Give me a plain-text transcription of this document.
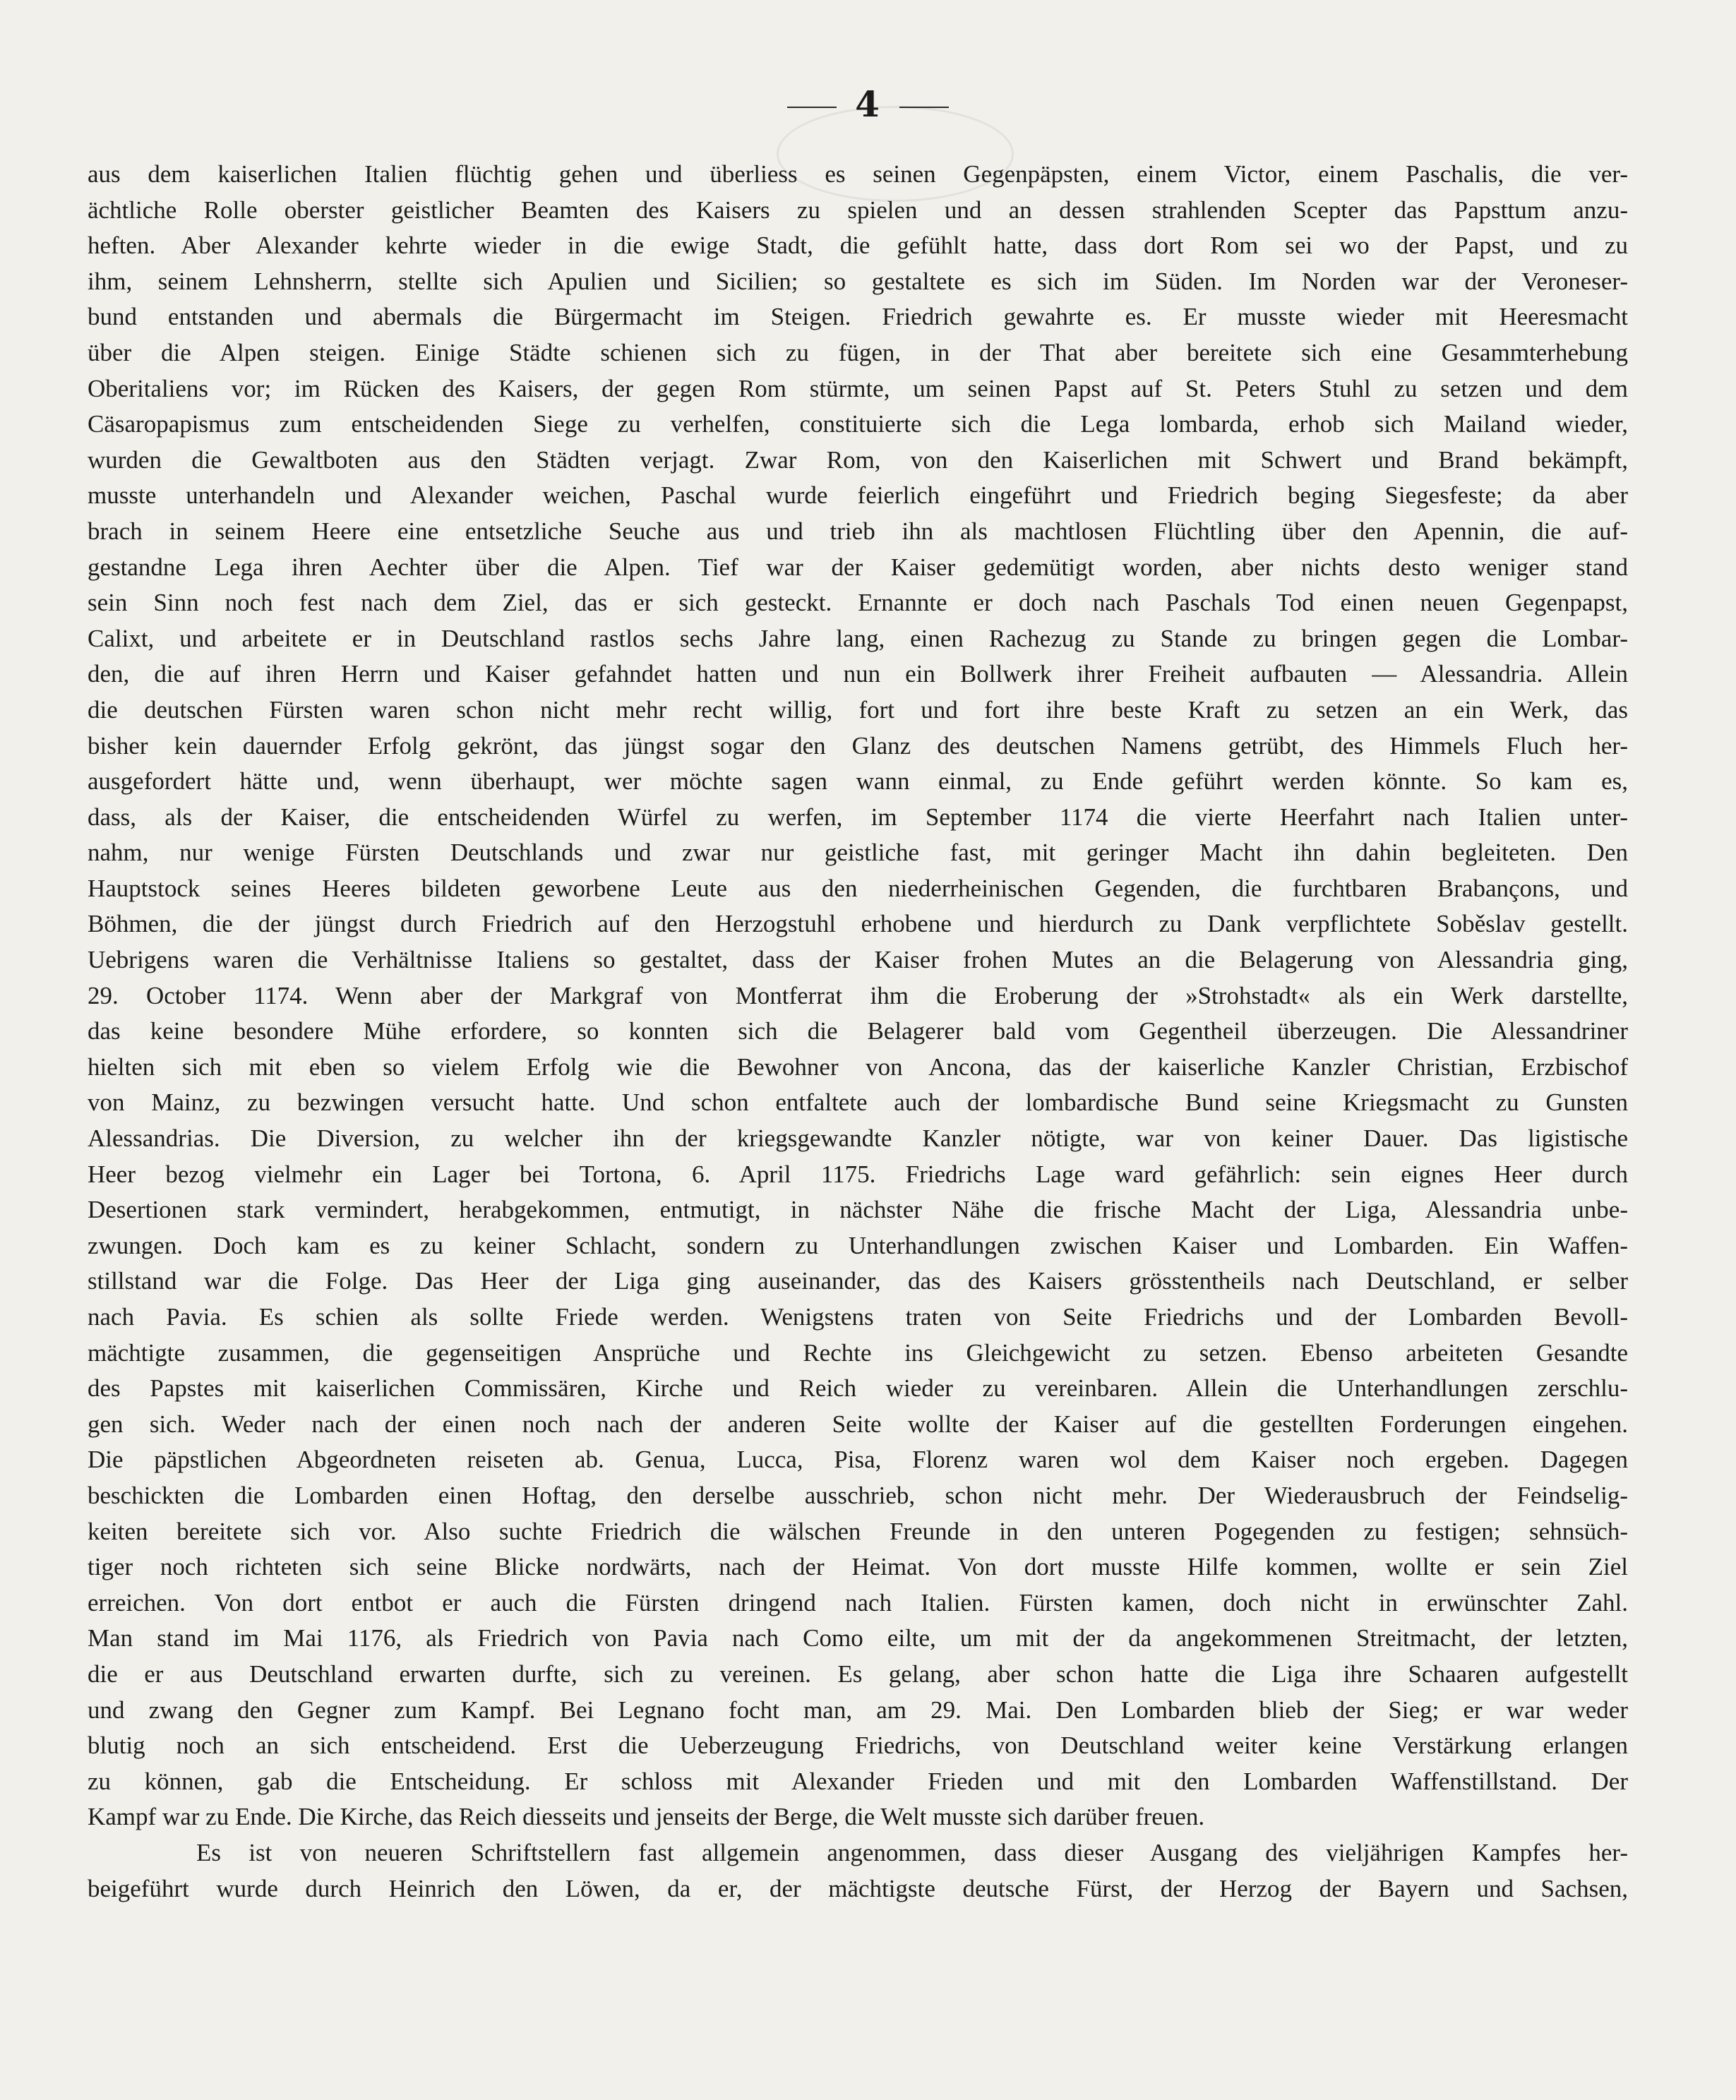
4
aus dem kaiserlichen Italien flüchtig gehen und überliess es seinen Gegenpäpsten, einem Victor, einem Paschalis, die ver-
ächtliche Rolle oberster geistlicher Beamten des Kaisers zu spielen und an dessen strahlenden Scepter das Papsttum anzu-
heften. Aber Alexander kehrte wieder in die ewige Stadt, die gefühlt hatte, dass dort Rom sei wo der Papst, und zu
ihm, seinem Lehnsherrn, stellte sich Apulien und Sicilien; so gestaltete es sich im Süden. Im Norden war der Veroneser-
bund entstanden und abermals die Bürgermacht im Steigen. Friedrich gewahrte es. Er musste wieder mit Heeresmacht
über die Alpen steigen. Einige Städte schienen sich zu fügen, in der That aber bereitete sich eine Gesammterhebung
Oberitaliens vor; im Rücken des Kaisers, der gegen Rom stürmte, um seinen Papst auf St. Peters Stuhl zu setzen und dem
Cäsaropapismus zum entscheidenden Siege zu verhelfen, constituierte sich die Lega lombarda, erhob sich Mailand wieder,
wurden die Gewaltboten aus den Städten verjagt. Zwar Rom, von den Kaiserlichen mit Schwert und Brand bekämpft,
musste unterhandeln und Alexander weichen, Paschal wurde feierlich eingeführt und Friedrich beging Siegesfeste; da aber
brach in seinem Heere eine entsetzliche Seuche aus und trieb ihn als machtlosen Flüchtling über den Apennin, die auf-
gestandne Lega ihren Aechter über die Alpen. Tief war der Kaiser gedemütigt worden, aber nichts desto weniger stand
sein Sinn noch fest nach dem Ziel, das er sich gesteckt. Ernannte er doch nach Paschals Tod einen neuen Gegenpapst,
Calixt, und arbeitete er in Deutschland rastlos sechs Jahre lang, einen Rachezug zu Stande zu bringen gegen die Lombar-
den, die auf ihren Herrn und Kaiser gefahndet hatten und nun ein Bollwerk ihrer Freiheit aufbauten — Alessandria. Allein
die deutschen Fürsten waren schon nicht mehr recht willig, fort und fort ihre beste Kraft zu setzen an ein Werk, das
bisher kein dauernder Erfolg gekrönt, das jüngst sogar den Glanz des deutschen Namens getrübt, des Himmels Fluch her-
ausgefordert hätte und, wenn überhaupt, wer möchte sagen wann einmal, zu Ende geführt werden könnte. So kam es,
dass, als der Kaiser, die entscheidenden Würfel zu werfen, im September 1174 die vierte Heerfahrt nach Italien unter-
nahm, nur wenige Fürsten Deutschlands und zwar nur geistliche fast, mit geringer Macht ihn dahin begleiteten. Den
Hauptstock seines Heeres bildeten geworbene Leute aus den niederrheinischen Gegenden, die furchtbaren Brabançons, und
Böhmen, die der jüngst durch Friedrich auf den Herzogstuhl erhobene und hierdurch zu Dank verpflichtete Soběslav gestellt.
Uebrigens waren die Verhältnisse Italiens so gestaltet, dass der Kaiser frohen Mutes an die Belagerung von Alessandria ging,
29. October 1174. Wenn aber der Markgraf von Montferrat ihm die Eroberung der »Strohstadt« als ein Werk darstellte,
das keine besondere Mühe erfordere, so konnten sich die Belagerer bald vom Gegentheil überzeugen. Die Alessandriner
hielten sich mit eben so vielem Erfolg wie die Bewohner von Ancona, das der kaiserliche Kanzler Christian, Erzbischof
von Mainz, zu bezwingen versucht hatte. Und schon entfaltete auch der lombardische Bund seine Kriegsmacht zu Gunsten
Alessandrias. Die Diversion, zu welcher ihn der kriegsgewandte Kanzler nötigte, war von keiner Dauer. Das ligistische
Heer bezog vielmehr ein Lager bei Tortona, 6. April 1175. Friedrichs Lage ward gefährlich: sein eignes Heer durch
Desertionen stark vermindert, herabgekommen, entmutigt, in nächster Nähe die frische Macht der Liga, Alessandria unbe-
zwungen. Doch kam es zu keiner Schlacht, sondern zu Unterhandlungen zwischen Kaiser und Lombarden. Ein Waffen-
stillstand war die Folge. Das Heer der Liga ging auseinander, das des Kaisers grösstentheils nach Deutschland, er selber
nach Pavia. Es schien als sollte Friede werden. Wenigstens traten von Seite Friedrichs und der Lombarden Bevoll-
mächtigte zusammen, die gegenseitigen Ansprüche und Rechte ins Gleichgewicht zu setzen. Ebenso arbeiteten Gesandte
des Papstes mit kaiserlichen Commissären, Kirche und Reich wieder zu vereinbaren. Allein die Unterhandlungen zerschlu-
gen sich. Weder nach der einen noch nach der anderen Seite wollte der Kaiser auf die gestellten Forderungen eingehen.
Die päpstlichen Abgeordneten reiseten ab. Genua, Lucca, Pisa, Florenz waren wol dem Kaiser noch ergeben. Dagegen
beschickten die Lombarden einen Hoftag, den derselbe ausschrieb, schon nicht mehr. Der Wiederausbruch der Feindselig-
keiten bereitete sich vor. Also suchte Friedrich die wälschen Freunde in den unteren Pogegenden zu festigen; sehnsüch-
tiger noch richteten sich seine Blicke nordwärts, nach der Heimat. Von dort musste Hilfe kommen, wollte er sein Ziel
erreichen. Von dort entbot er auch die Fürsten dringend nach Italien. Fürsten kamen, doch nicht in erwünschter Zahl.
Man stand im Mai 1176, als Friedrich von Pavia nach Como eilte, um mit der da angekommenen Streitmacht, der letzten,
die er aus Deutschland erwarten durfte, sich zu vereinen. Es gelang, aber schon hatte die Liga ihre Schaaren aufgestellt
und zwang den Gegner zum Kampf. Bei Legnano focht man, am 29. Mai. Den Lombarden blieb der Sieg; er war weder
blutig noch an sich entscheidend. Erst die Ueberzeugung Friedrichs, von Deutschland weiter keine Verstärkung erlangen
zu können, gab die Entscheidung. Er schloss mit Alexander Frieden und mit den Lombarden Waffenstillstand. Der
Kampf war zu Ende. Die Kirche, das Reich diesseits und jenseits der Berge, die Welt musste sich darüber freuen.
Es ist von neueren Schriftstellern fast allgemein angenommen, dass dieser Ausgang des vieljährigen Kampfes her-
beigeführt wurde durch Heinrich den Löwen, da er, der mächtigste deutsche Fürst, der Herzog der Bayern und Sachsen,
